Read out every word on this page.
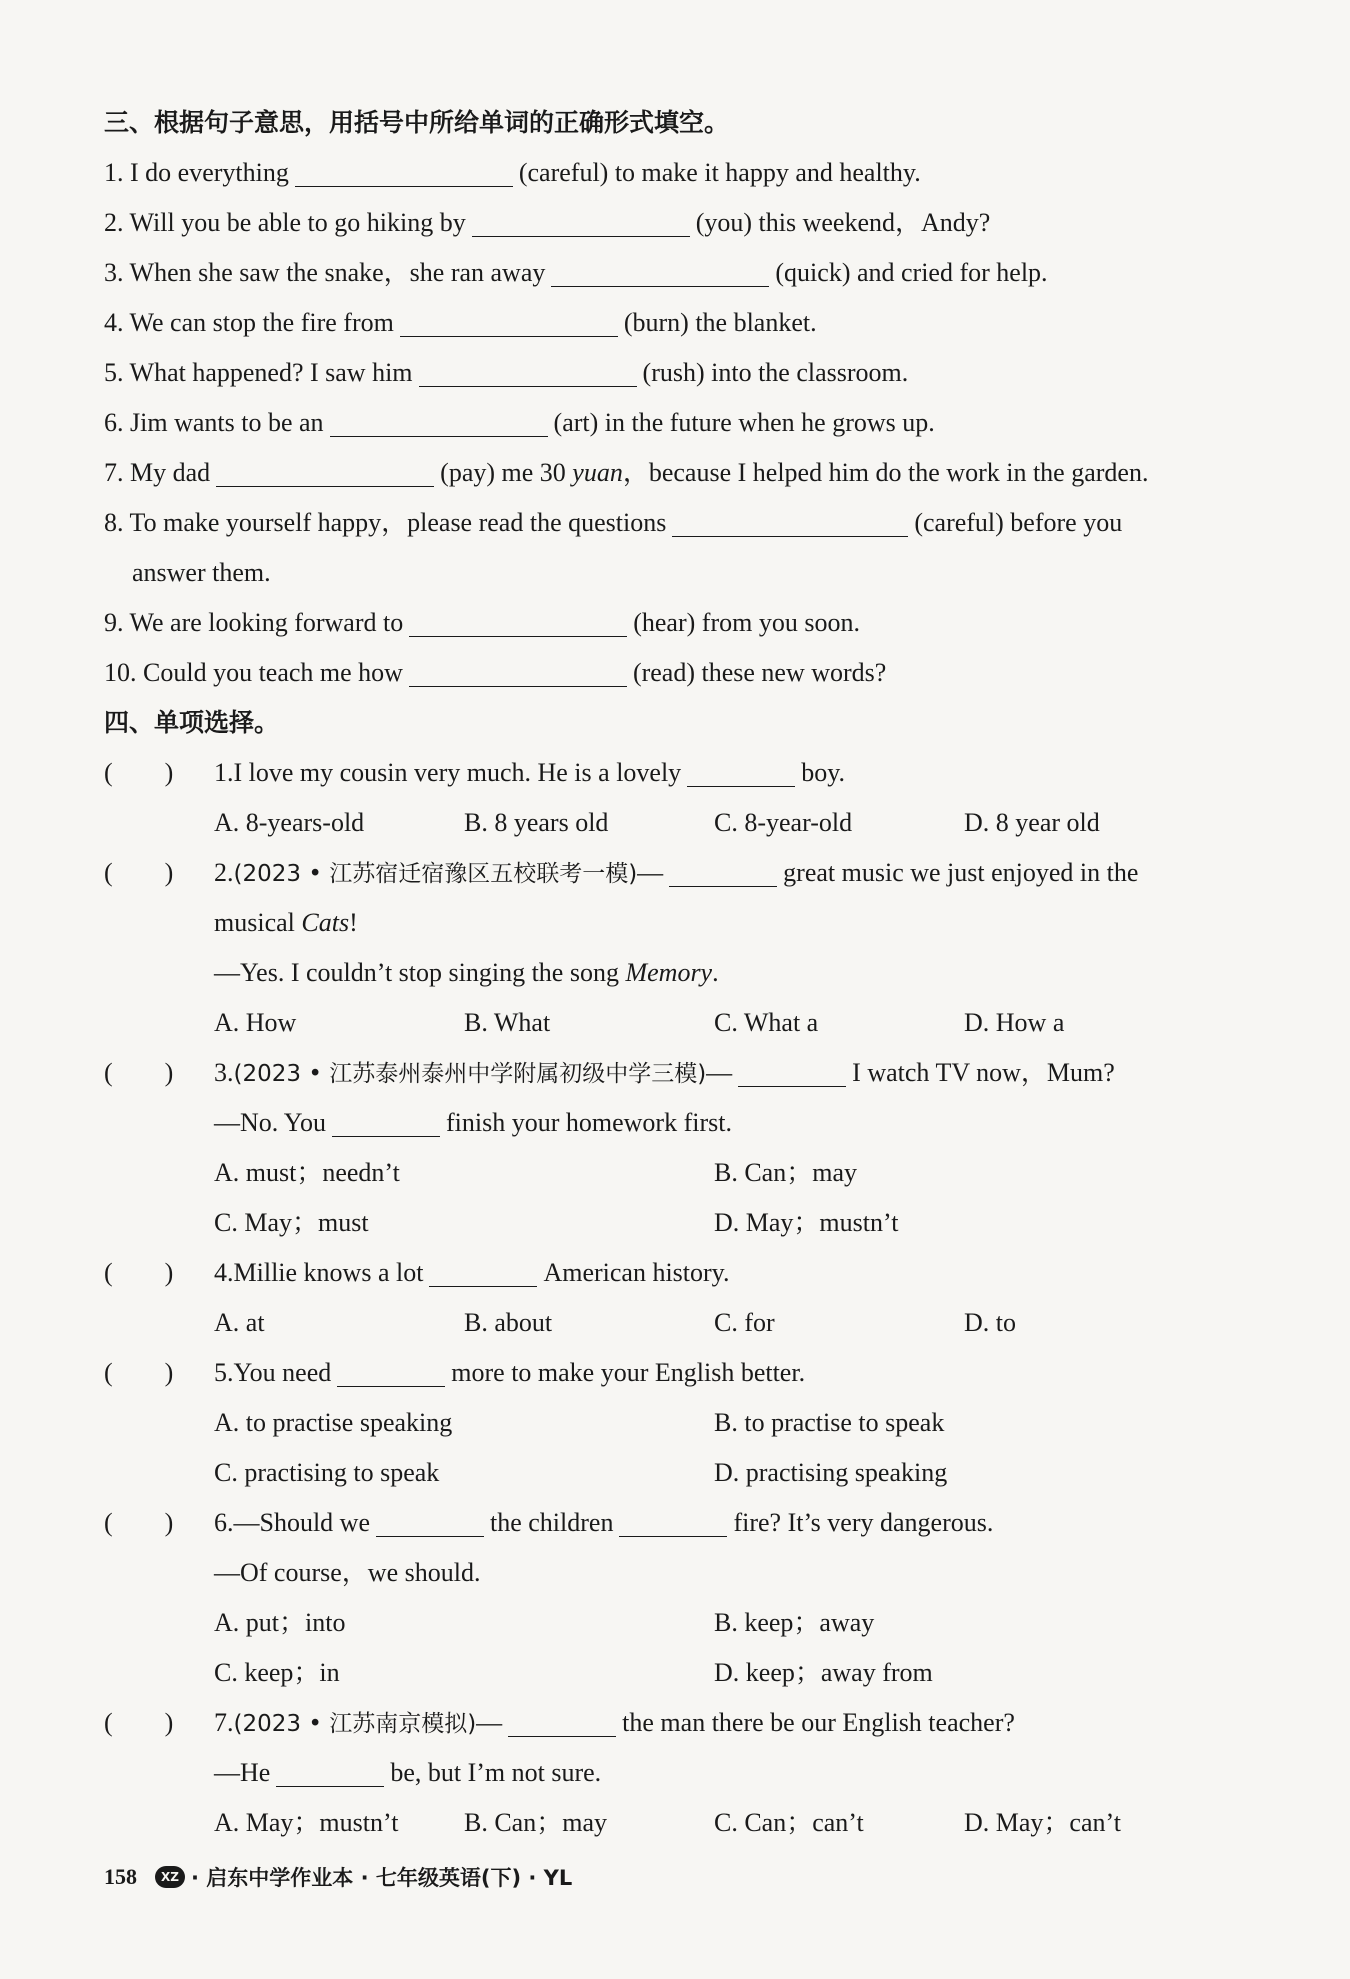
三、根据句子意思，用括号中所给单词的正确形式填空。
1. I do everything	(careful) to make it happy and healthy.
2. Will you be able to go hiking by	(you) this weekend，Andy?
3. When she saw the snake，she ran away	(quick) and cried for help.
4. We can stop the fire from	(burn) the blanket.
5. What happened? I saw him	(rush) into the classroom.
6. Jim wants to be an	(art) in the future when he grows up.
7. My dad	(pay) me 30 yuan，because I helped him do the work in the garden.
8. To make yourself happy，please read the questions	(careful) before you
answer them.
9. We are looking forward to	(hear) from you soon.
10. Could you teach me how	(read) these new words?
四、单项选择。
(　　)	1.I love my cousin very much. He is a lovely	boy.
A. 8-years-old	B. 8 years old	C. 8-year-old	D. 8 year old
(　　)	2.(2023 • 江苏宿迁宿豫区五校联考一模)—	great music we just enjoyed in the
musical Cats!
—Yes. I couldn’t stop singing the song Memory.
A. How	B. What	C. What a	D. How a
(　　)	3.(2023 • 江苏泰州泰州中学附属初级中学三模)—	I watch TV now，Mum?
—No. You	finish your homework first.
A. must；needn’t	B. Can；may
C. May；must	D. May；mustn’t
(　　)	4.Millie knows a lot	American history.
A. at	B. about	C. for	D. to
(　　)	5.You need	more to make your English better.
A. to practise speaking	B. to practise to speak
C. practising to speak	D. practising speaking
(　　)	6.—Should we	the children	fire? It’s very dangerous.
—Of course，we should.
A. put；into	B. keep；away
C. keep；in	D. keep；away from
(　　)	7.(2023 • 江苏南京模拟)—	the man there be our English teacher?
—He	be, but I’m not sure.
A. May；mustn’t	B. Can；may	C. Can；can’t	D. May；can’t
158	XZ · 启东中学作业本 · 七年级英语(下) · YL
